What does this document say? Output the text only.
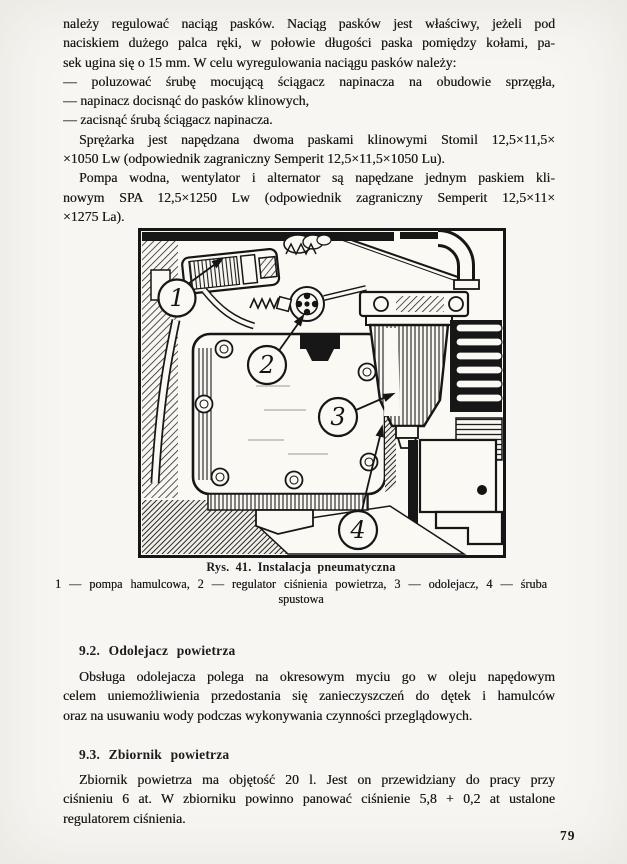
należy regulować naciąg pasków. Naciąg pasków jest właściwy, jeżeli pod
naciskiem dużego palca ręki, w połowie długości paska pomiędzy kołami, pa-
sek ugina się o 15 mm. W celu wyregulowania naciągu pasków należy:
— poluzować śrubę mocującą ściągacz napinacza na obudowie sprzęgła,
— napinacz docisnąć do pasków klinowych,
— zacisnąć śrubą ściągacz napinacza.
Sprężarka jest napędzana dwoma paskami klinowymi Stomil 12,5×11,5×
×1050 Lw (odpowiednik zagraniczny Semperit 12,5×11,5×1050 Lu).
Pompa wodna, wentylator i alternator są napędzane jednym paskiem kli-
nowym SPA 12,5×1250 Lw (odpowiednik zagraniczny Semperit 12,5×11×
×1275 La).
1
2
3
4
Rys. 41. Instalacja pneumatyczna
1 — pompa hamulcowa, 2 — regulator ciśnienia powietrza, 3 — odolejacz, 4 — śruba
spustowa
9.2. Odolejacz powietrza
Obsługa odolejacza polega na okresowym myciu go w oleju napędowym
celem uniemożliwienia przedostania się zanieczyszczeń do dętek i hamulców
oraz na usuwaniu wody podczas wykonywania czynności przeglądowych.
9.3. Zbiornik powietrza
Zbiornik powietrza ma objętość 20 l. Jest on przewidziany do pracy przy
ciśnieniu 6 at. W zbiorniku powinno panować ciśnienie 5,8 + 0,2 at ustalone
regulatorem ciśnienia.
79
